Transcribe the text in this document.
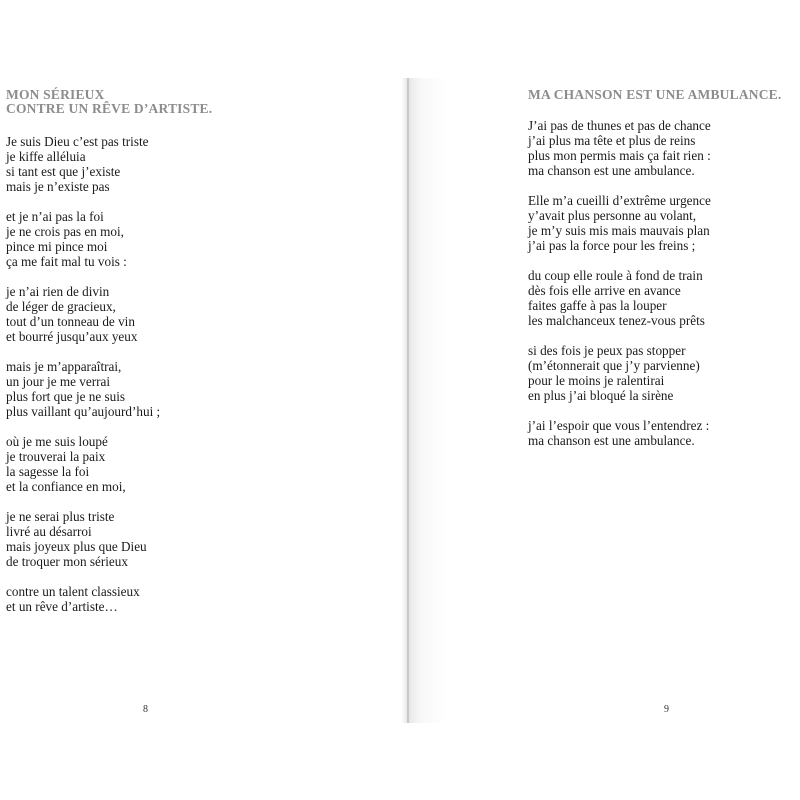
MON SÉRIEUX
CONTRE UN RÊVE D’ARTISTE.
Je suis Dieu c’est pas triste
je kiffe alléluia
si tant est que j’existe
mais je n’existe pas
et je n’ai pas la foi
je ne crois pas en moi,
pince mi pince moi
ça me fait mal tu vois :
je n’ai rien de divin
de léger de gracieux,
tout d’un tonneau de vin
et bourré jusqu’aux yeux
mais je m’apparaîtrai,
un jour je me verrai
plus fort que je ne suis
plus vaillant qu’aujourd’hui ;
où je me suis loupé
je trouverai la paix
la sagesse la foi
et la confiance en moi,
je ne serai plus triste
livré au désarroi
mais joyeux plus que Dieu
de troquer mon sérieux
contre un talent classieux
et un rêve d’artiste…
8
MA CHANSON EST UNE AMBULANCE.
J’ai pas de thunes et pas de chance
j’ai plus ma tête et plus de reins
plus mon permis mais ça fait rien :
ma chanson est une ambulance.
Elle m’a cueilli d’extrême urgence
y’avait plus personne au volant,
je m’y suis mis mais mauvais plan
j’ai pas la force pour les freins ;
du coup elle roule à fond de train
dès fois elle arrive en avance
faites gaffe à pas la louper
les malchanceux tenez-vous prêts
si des fois je peux pas stopper
(m’étonnerait que j’y parvienne)
pour le moins je ralentirai
en plus j’ai bloqué la sirène
j’ai l’espoir que vous l’entendrez :
ma chanson est une ambulance.
9
